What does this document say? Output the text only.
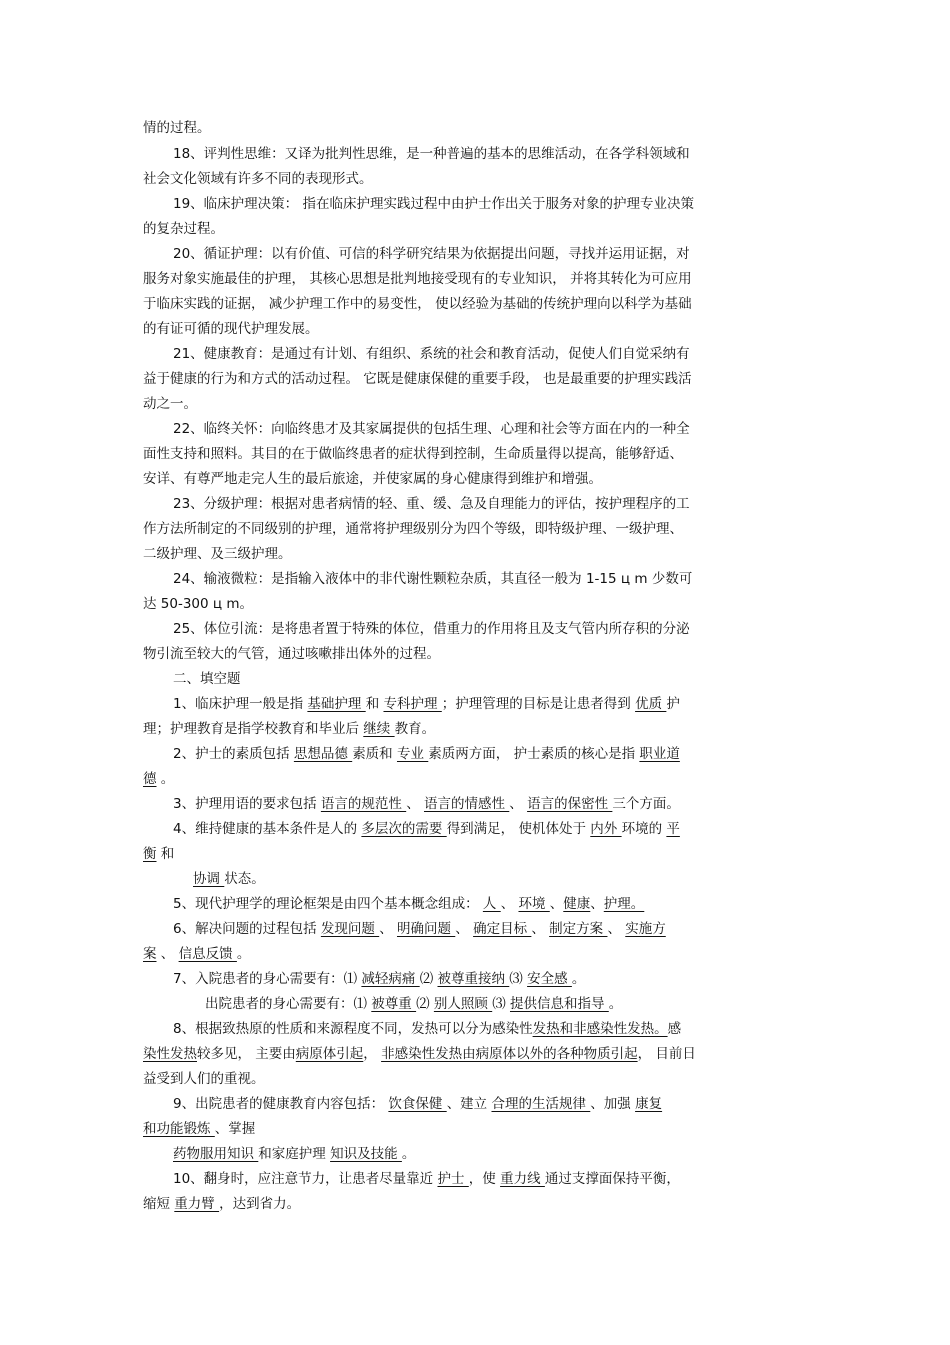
情的过程。
18、评判性思维：又译为批判性思维，是一种普遍的基本的思维活动，在各学科领域和
社会文化领域有许多不同的表现形式。
19、临床护理决策： 指在临床护理实践过程中由护士作出关于服务对象的护理专业决策
的复杂过程。
20、循证护理：以有价值、可信的科学研究结果为依据提出问题，寻找并运用证据，对
服务对象实施最佳的护理， 其核心思想是批判地接受现有的专业知识， 并将其转化为可应用
于临床实践的证据， 减少护理工作中的易变性， 使以经验为基础的传统护理向以科学为基础
的有证可循的现代护理发展。
21、健康教育：是通过有计划、有组织、系统的社会和教育活动，促使人们自觉采纳有
益于健康的行为和方式的活动过程。 它既是健康保健的重要手段， 也是最重要的护理实践活
动之一。
22、临终关怀：向临终患才及其家属提供的包括生理、心理和社会等方面在内的一种全
面性支持和照料。其目的在于做临终患者的症状得到控制，生命质量得以提高，能够舒适、
安详、有尊严地走完人生的最后旅途，并使家属的身心健康得到维护和增强。
23、分级护理：根据对患者病情的轻、重、缓、急及自理能力的评估，按护理程序的工
作方法所制定的不同级别的护理，通常将护理级别分为四个等级，即特级护理、一级护理、
二级护理、及三级护理。
24、输液微粒：是指输入液体中的非代谢性颗粒杂质，其直径一般为 1-15 ц m 少数可
达 50-300 ц m。
25、体位引流：是将患者置于特殊的体位，借重力的作用将且及支气管内所存积的分泌
物引流至较大的气管，通过咳嗽排出体外的过程。
二、填空题
1、临床护理一般是指 基础护理 和 专科护理 ；护理管理的目标是让患者得到 优质 护
理；护理教育是指学校教育和毕业后 继续 教育。
2、护士的素质包括 思想品德 素质和 专业 素质两方面， 护士素质的核心是指 职业道
德 。
3、护理用语的要求包括 语言的规范性 、 语言的情感性 、 语言的保密性 三个方面。
4、维持健康的基本条件是人的 多层次的需要 得到满足， 使机体处于 内外 环境的 平
衡 和
协调 状态。
5、现代护理学的理论框架是由四个基本概念组成： 人 、 环境 、健康、护理。
6、解决问题的过程包括 发现问题 、 明确问题 、 确定目标 、 制定方案 、 实施方
案 、 信息反馈 。
7、入院患者的身心需要有：⑴ 减轻病痛 ⑵ 被尊重接纳 ⑶ 安全感 。
出院患者的身心需要有：⑴ 被尊重 ⑵ 别人照顾 ⑶ 提供信息和指导 。
8、根据致热原的性质和来源程度不同，发热可以分为感染性发热和非感染性发热。感
染性发热较多见， 主要由病原体引起， 非感染性发热由病原体以外的各种物质引起， 目前日
益受到人们的重视。
9、出院患者的健康教育内容包括： 饮食保健 、建立 合理的生活规律 、加强 康复
和功能锻炼 、掌握
药物服用知识 和家庭护理 知识及技能 。
10、翻身时，应注意节力，让患者尽量靠近 护士 ，使 重力线 通过支撑面保持平衡，
缩短 重力臂 ，达到省力。
